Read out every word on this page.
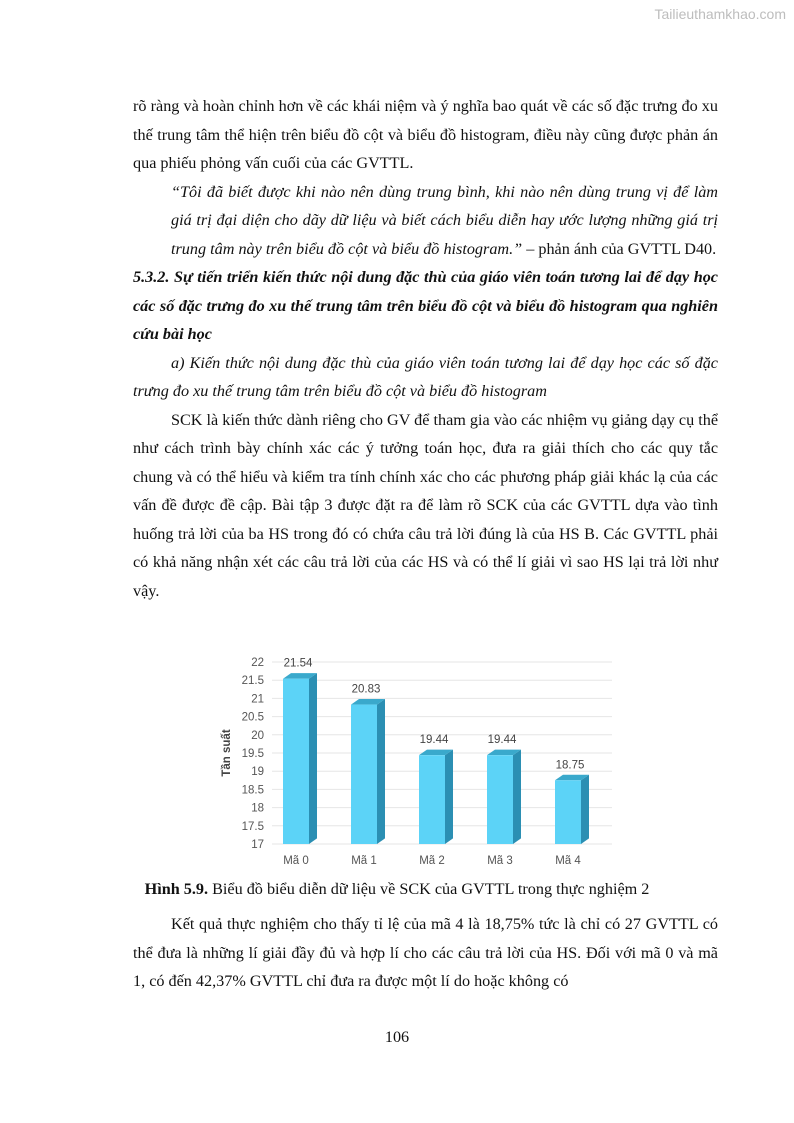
Tailieuthamkhao.com

rõ ràng và hoàn chỉnh hơn về các khái niệm và ý nghĩa bao quát về các số đặc trưng đo xu thế trung tâm thể hiện trên biểu đồ cột và biểu đồ histogram, điều này cũng được phản án qua phiếu phỏng vấn cuối của các GVTTL.

“Tôi đã biết được khi nào nên dùng trung bình, khi nào nên dùng trung vị để làm giá trị đại diện cho dãy dữ liệu và biết cách biểu diễn hay ước lượng những giá trị trung tâm này trên biểu đồ cột và biểu đồ histogram.” – phản ánh của GVTTL D40.

5.3.2. Sự tiến triển kiến thức nội dung đặc thù của giáo viên toán tương lai để dạy học các số đặc trưng đo xu thế trung tâm trên biểu đồ cột và biểu đồ histogram qua nghiên cứu bài học

a) Kiến thức nội dung đặc thù của giáo viên toán tương lai để dạy học các số đặc trưng đo xu thế trung tâm trên biểu đồ cột và biểu đồ histogram

SCK là kiến thức dành riêng cho GV để tham gia vào các nhiệm vụ giảng dạy cụ thể như cách trình bày chính xác các ý tưởng toán học, đưa ra giải thích cho các quy tắc chung và có thể hiểu và kiểm tra tính chính xác cho các phương pháp giải khác lạ của các vấn đề được đề cập. Bài tập 3 được đặt ra để làm rõ SCK của các GVTTL dựa vào tình huống trả lời của ba HS trong đó có chứa câu trả lời đúng là của HS B. Các GVTTL phải có khả năng nhận xét các câu trả lời của các HS và có thể lí giải vì sao HS lại trả lời như vậy.

17
17.5
18
18.5
19
19.5
20
20.5
21
21.5
22
Tần suất
21.54
Mã 0
20.83
Mã 1
19.44
Mã 2
19.44
Mã 3
18.75
Mã 4
Hình 5.9. Biểu đồ biểu diễn dữ liệu về SCK của GVTTL trong thực nghiệm 2

Kết quả thực nghiệm cho thấy tỉ lệ của mã 4 là 18,75% tức là chỉ có 27 GVTTL có thể đưa là những lí giải đầy đủ và hợp lí cho các câu trả lời của HS. Đối với mã 0 và mã 1, có đến 42,37% GVTTL chỉ đưa ra được một lí do hoặc không có

106
